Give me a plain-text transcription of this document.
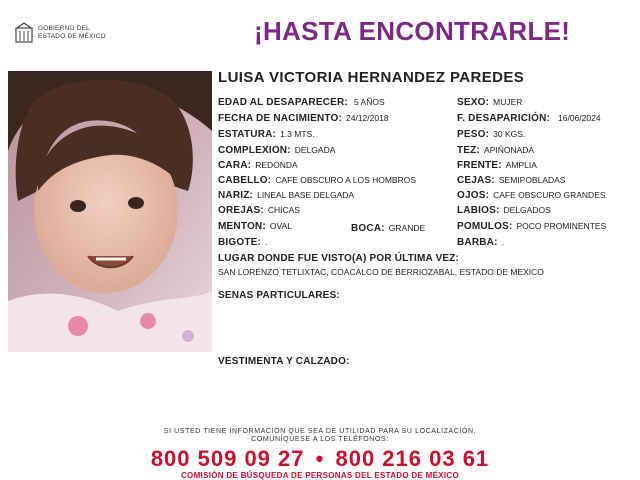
GOBIERNO DEL
ESTADO DE MÉXICO	¡HASTA ENCONTRARLE!
LUISA VICTORIA HERNANDEZ PAREDES
EDAD AL DESAPARECER: 5 AÑOS
FECHA DE NACIMIENTO: 24/12/2018
ESTATURA: 1.3 MTS.
COMPLEXION: DELGADA
CARA: REDONDA
CABELLO: CAFE OBSCURO A LOS HOMBROS
NARIZ: LINEAL BASE DELGADA
OREJAS: CHICAS
MENTON: OVAL	BOCA: GRANDE
BIGOTE: .
SEXO: MUJER
F. DESAPARICIÓN: 16/06/2024
PESO: 30 KGS.
TEZ: APIÑONADA
FRENTE: AMPLIA
CEJAS: SEMIPOBLADAS
OJOS: CAFE OBSCURO GRANDES
LABIOS: DELGADOS
POMULOS: POCO PROMINENTES
BARBA: .
LUGAR DONDE FUE VISTO(A) POR ÚLTIMA VEZ:
SAN LORENZO TETLIXTAC, COACALCO DE BERRIOZABAL, ESTADO DE MEXICO
SENAS PARTICULARES:
VESTIMENTA Y CALZADO:
SI USTED TIENE INFORMACIÓN QUE SEA DE UTILIDAD PARA SU LOCALIZACIÓN,
COMUNÍQUESE A LOS TELÉFONOS:
800 509 09 27 • 800 216 03 61
COMISIÓN DE BÚSQUEDA DE PERSONAS DEL ESTADO DE MÉXICO
